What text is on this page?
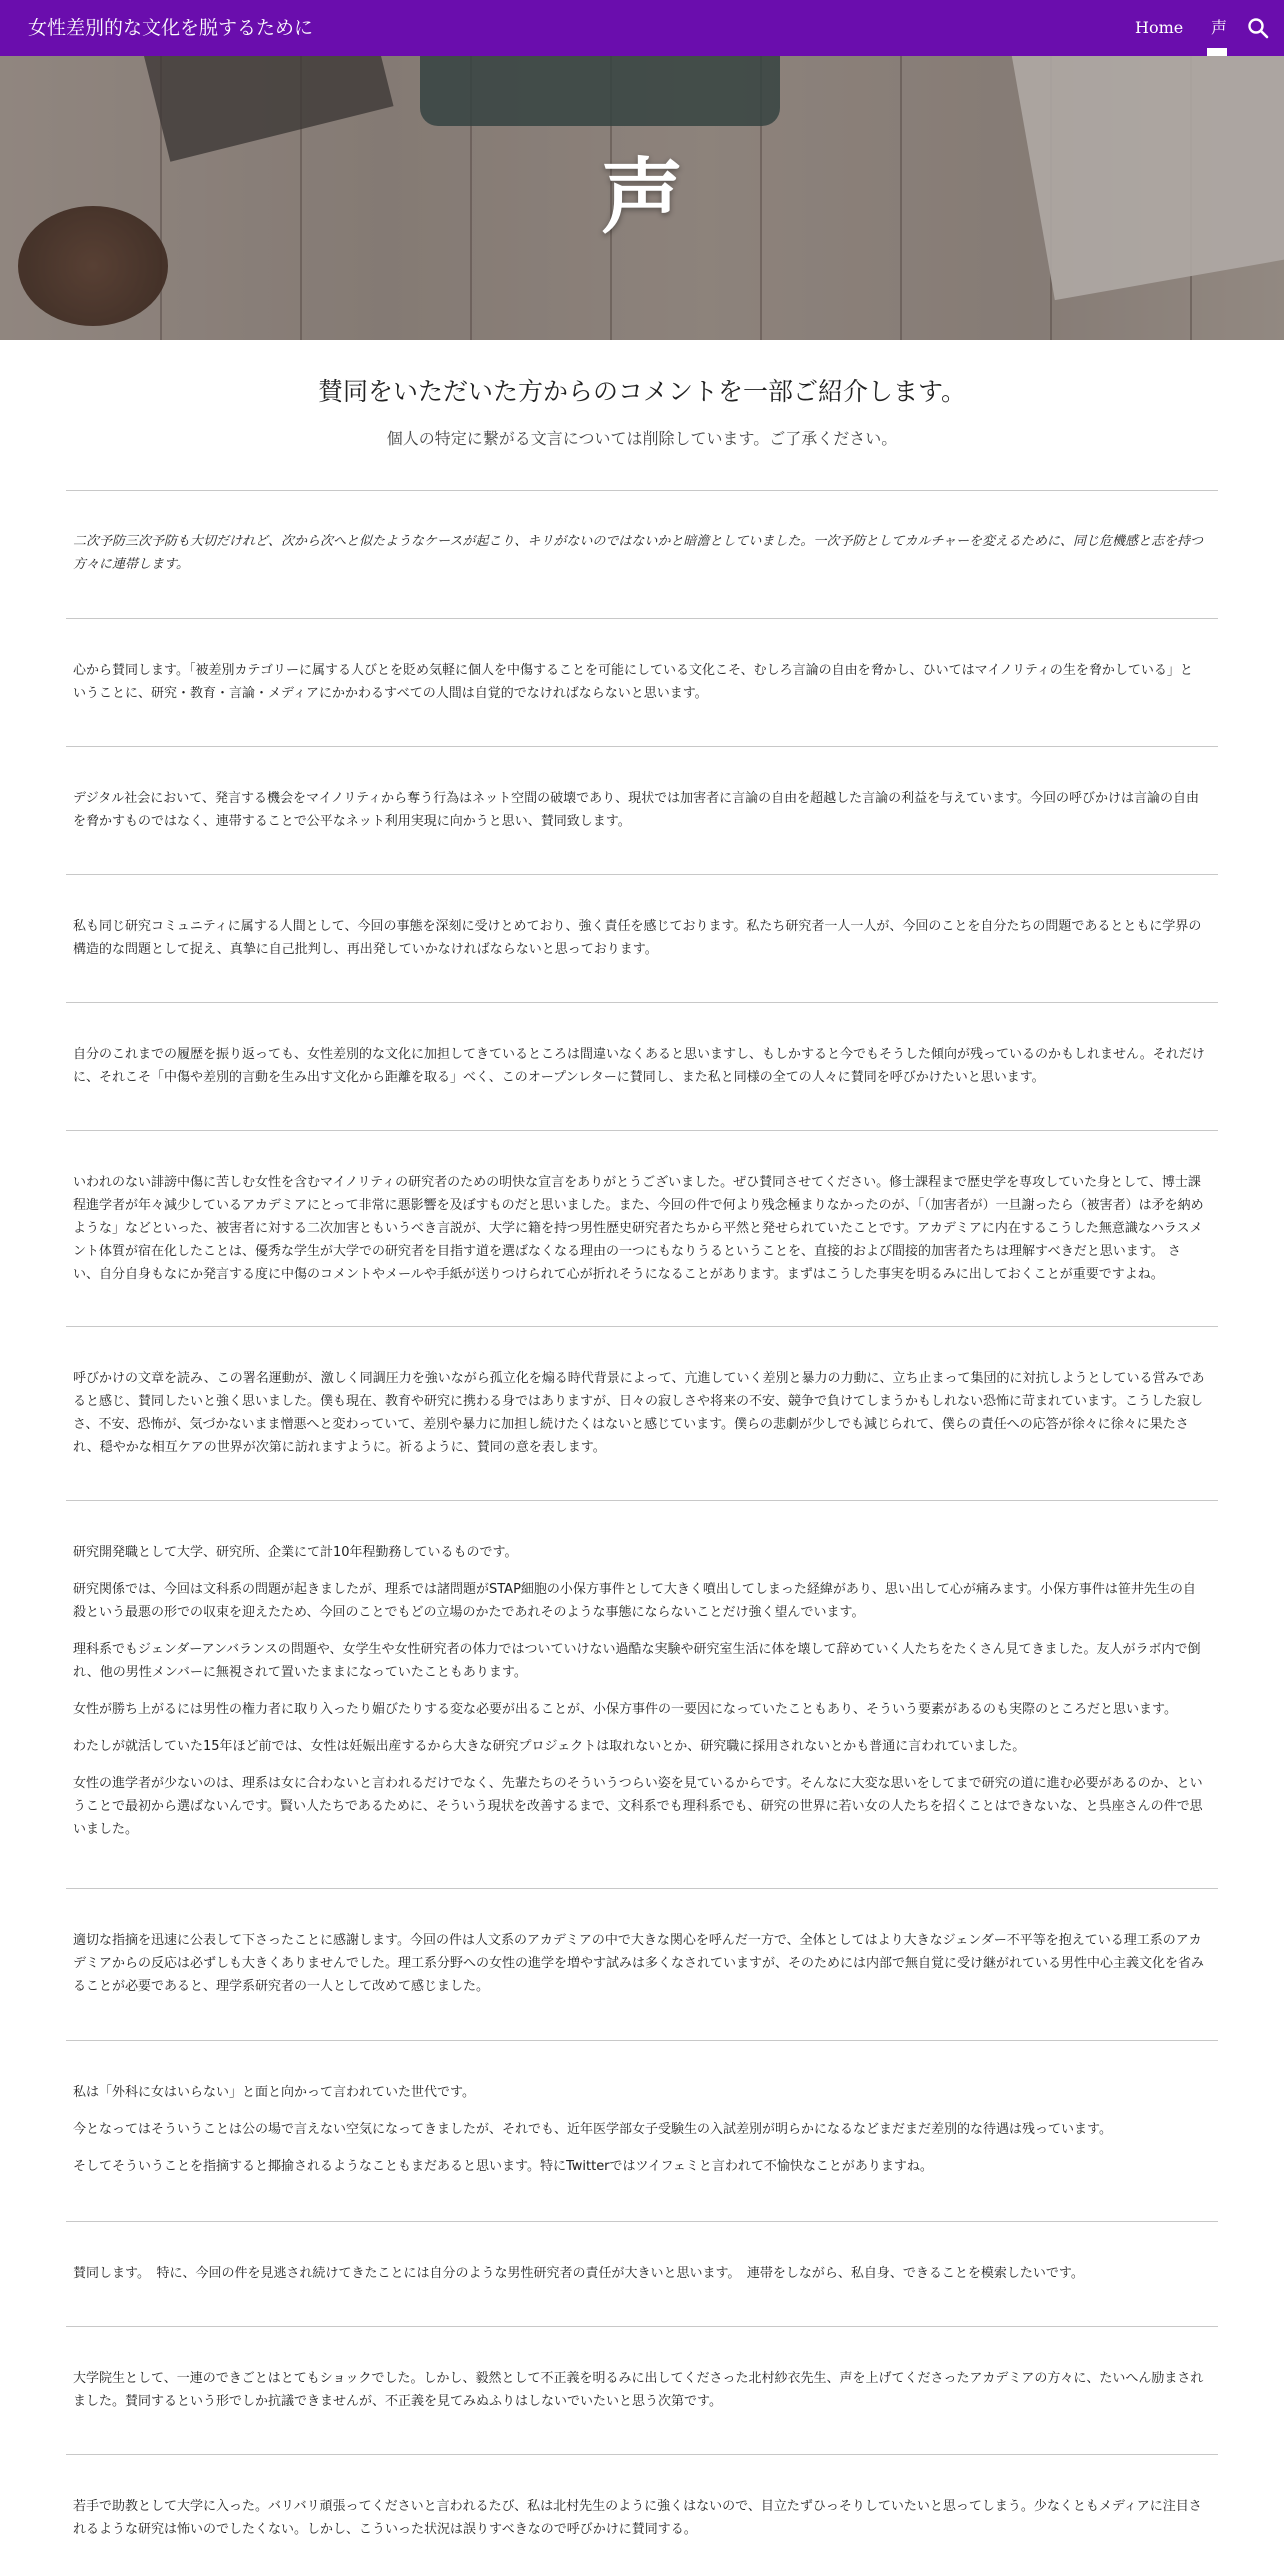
女性差別的な文化を脱するために	Home 声
声
賛同をいただいた方からのコメントを一部ご紹介します。
個人の特定に繋がる文言については削除しています。ご了承ください。

二次予防三次予防も大切だけれど、次から次へと似たようなケースが起こり、キリがないのではないかと暗澹としていました。一次予防としてカルチャーを変えるために、同じ危機感と志を持つ方々に連帯します。

心から賛同します。「被差別カテゴリーに属する人びとを貶め気軽に個人を中傷することを可能にしている文化こそ、むしろ言論の自由を脅かし、ひいてはマイノリティの生を脅かしている」ということに、研究・教育・言論・メディアにかかわるすべての人間は自覚的でなければならないと思います。

デジタル社会において、発言する機会をマイノリティから奪う行為はネット空間の破壊であり、現状では加害者に言論の自由を超越した言論の利益を与えています。今回の呼びかけは言論の自由を脅かすものではなく、連帯することで公平なネット利用実現に向かうと思い、賛同致します。

私も同じ研究コミュニティに属する人間として、今回の事態を深刻に受けとめており、強く責任を感じております。私たち研究者一人一人が、今回のことを自分たちの問題であるとともに学界の構造的な問題として捉え、真摯に自己批判し、再出発していかなければならないと思っております。

自分のこれまでの履歴を振り返っても、女性差別的な文化に加担してきているところは間違いなくあると思いますし、もしかすると今でもそうした傾向が残っているのかもしれません。それだけに、それこそ「中傷や差別的言動を生み出す文化から距離を取る」べく、このオープンレターに賛同し、また私と同様の全ての人々に賛同を呼びかけたいと思います。

いわれのない誹謗中傷に苦しむ女性を含むマイノリティの研究者のための明快な宣言をありがとうございました。ぜひ賛同させてください。修士課程まで歴史学を専攻していた身として、博士課程進学者が年々減少しているアカデミアにとって非常に悪影響を及ぼすものだと思いました。また、今回の件で何より残念極まりなかったのが、「（加害者が）一旦謝ったら（被害者）は矛を納めような」などといった、被害者に対する二次加害ともいうべき言説が、大学に籍を持つ男性歴史研究者たちから平然と発せられていたことです。アカデミアに内在するこうした無意識なハラスメント体質が宿在化したことは、優秀な学生が大学での研究者を目指す道を選ばなくなる理由の一つにもなりうるということを、直接的および間接的加害者たちは理解すべきだと思います。 さい、自分自身もなにか発言する度に中傷のコメントやメールや手紙が送りつけられて心が折れそうになることがあります。まずはこうした事実を明るみに出しておくことが重要ですよね。

呼びかけの文章を読み、この署名運動が、激しく同調圧力を強いながら孤立化を煽る時代背景によって、亢進していく差別と暴力の力動に、立ち止まって集団的に対抗しようとしている営みであると感じ、賛同したいと強く思いました。僕も現在、教育や研究に携わる身ではありますが、日々の寂しさや将来の不安、競争で負けてしまうかもしれない恐怖に苛まれています。こうした寂しさ、不安、恐怖が、気づかないまま憎悪へと変わっていて、差別や暴力に加担し続けたくはないと感じています。僕らの悲劇が少しでも減じられて、僕らの責任への応答が徐々に徐々に果たされ、穏やかな相互ケアの世界が次第に訪れますように。祈るように、賛同の意を表します。

研究開発職として大学、研究所、企業にて計10年程勤務しているものです。

研究関係では、今回は文科系の問題が起きましたが、理系では諸問題がSTAP細胞の小保方事件として大きく噴出してしまった経緯があり、思い出して心が痛みます。小保方事件は笹井先生の自殺という最悪の形での収束を迎えたため、今回のことでもどの立場のかたであれそのような事態にならないことだけ強く望んでいます。

理科系でもジェンダーアンバランスの問題や、女学生や女性研究者の体力ではついていけない過酷な実験や研究室生活に体を壊して辞めていく人たちをたくさん見てきました。友人がラボ内で倒れ、他の男性メンバーに無視されて置いたままになっていたこともあります。

女性が勝ち上がるには男性の権力者に取り入ったり媚びたりする変な必要が出ることが、小保方事件の一要因になっていたこともあり、そういう要素があるのも実際のところだと思います。

わたしが就活していた15年ほど前では、女性は妊娠出産するから大きな研究プロジェクトは取れないとか、研究職に採用されないとかも普通に言われていました。

女性の進学者が少ないのは、理系は女に合わないと言われるだけでなく、先輩たちのそういうつらい姿を見ているからです。そんなに大変な思いをしてまで研究の道に進む必要があるのか、ということで最初から選ばないんです。賢い人たちであるために、そういう現状を改善するまで、文科系でも理科系でも、研究の世界に若い女の人たちを招くことはできないな、と呉座さんの件で思いました。

適切な指摘を迅速に公表して下さったことに感謝します。今回の件は人文系のアカデミアの中で大きな関心を呼んだ一方で、全体としてはより大きなジェンダー不平等を抱えている理工系のアカデミアからの反応は必ずしも大きくありませんでした。理工系分野への女性の進学を増やす試みは多くなされていますが、そのためには内部で無自覚に受け継がれている男性中心主義文化を省みることが必要であると、理学系研究者の一人として改めて感じました。

私は「外科に女はいらない」と面と向かって言われていた世代です。

今となってはそういうことは公の場で言えない空気になってきましたが、それでも、近年医学部女子受験生の入試差別が明らかになるなどまだまだ差別的な待遇は残っています。

そしてそういうことを指摘すると揶揄されるようなこともまだあると思います。特にTwitterではツイフェミと言われて不愉快なことがありますね。

賛同します。　特に、今回の件を見逃され続けてきたことには自分のような男性研究者の責任が大きいと思います。　連帯をしながら、私自身、できることを模索したいです。

大学院生として、一連のできごとはとてもショックでした。しかし、毅然として不正義を明るみに出してくださった北村紗衣先生、声を上げてくださったアカデミアの方々に、たいへん励まされました。賛同するという形でしか抗議できませんが、不正義を見てみぬふりはしないでいたいと思う次第です。

若手で助教として大学に入った。バリバリ頑張ってくださいと言われるたび、私は北村先生のように強くはないので、目立たずひっそりしていたいと思ってしまう。少なくともメディアに注目されるような研究は怖いのでしたくない。しかし、こういった状況は誤りすべきなので呼びかけに賛同する。
